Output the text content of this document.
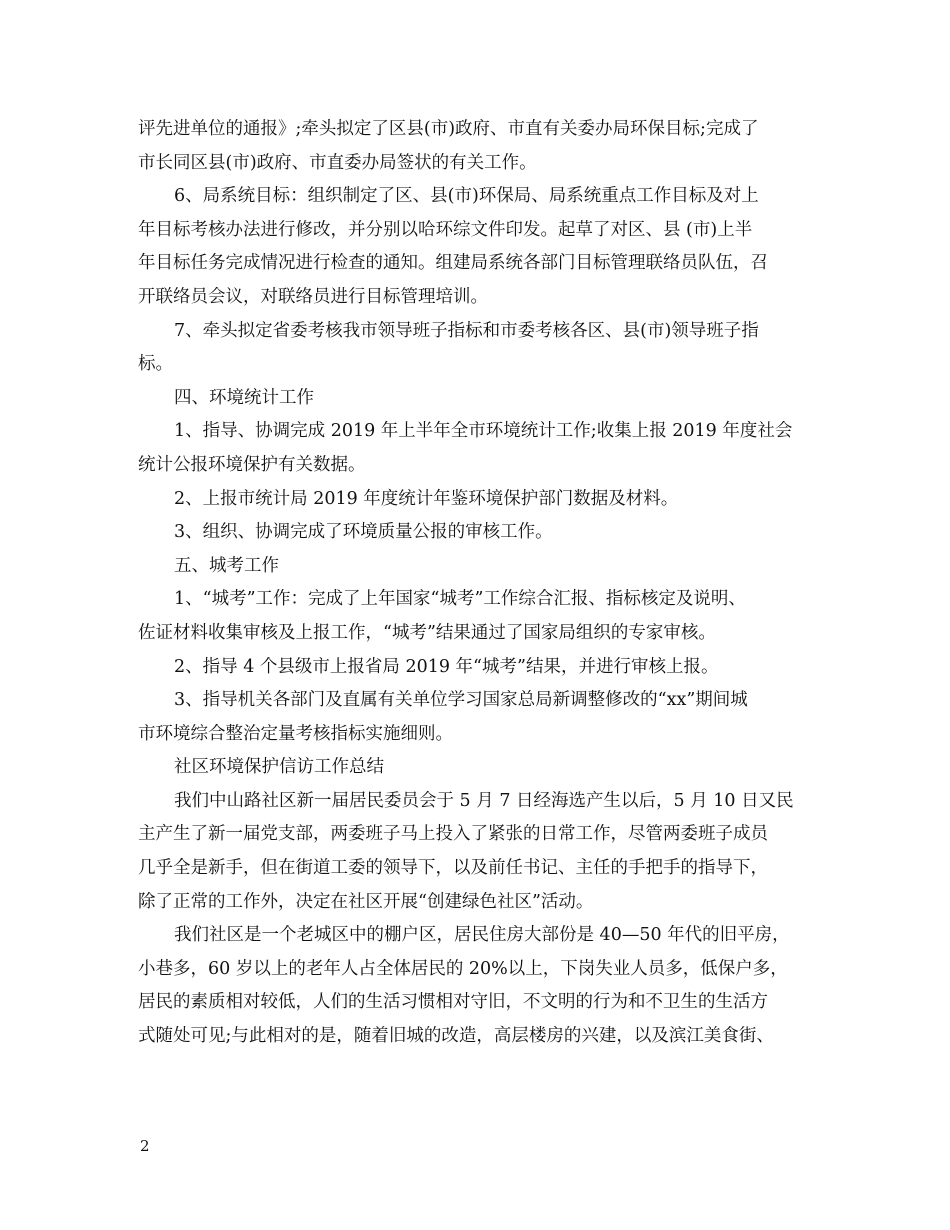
评先进单位的通报》;牵头拟定了区县(市)政府、市直有关委办局环保目标;完成了
市长同区县(市)政府、市直委办局签状的有关工作。
6、局系统目标：组织制定了区、县(市)环保局、局系统重点工作目标及对上
年目标考核办法进行修改，并分别以哈环综文件印发。起草了对区、县 (市)上半
年目标任务完成情况进行检查的通知。组建局系统各部门目标管理联络员队伍，召
开联络员会议，对联络员进行目标管理培训。
7、牵头拟定省委考核我市领导班子指标和市委考核各区、县(市)领导班子指
标。
四、环境统计工作
1、指导、协调完成 2019 年上半年全市环境统计工作;收集上报 2019 年度社会
统计公报环境保护有关数据。
2、上报市统计局 2019 年度统计年鉴环境保护部门数据及材料。
3、组织、协调完成了环境质量公报的审核工作。
五、城考工作
1、“城考”工作：完成了上年国家“城考”工作综合汇报、指标核定及说明、
佐证材料收集审核及上报工作，“城考”结果通过了国家局组织的专家审核。
2、指导 4 个县级市上报省局 2019 年“城考”结果，并进行审核上报。
3、指导机关各部门及直属有关单位学习国家总局新调整修改的“xx”期间城
市环境综合整治定量考核指标实施细则。
社区环境保护信访工作总结
我们中山路社区新一届居民委员会于 5 月 7 日经海选产生以后，5 月 10 日又民
主产生了新一届党支部，两委班子马上投入了紧张的日常工作，尽管两委班子成员
几乎全是新手，但在街道工委的领导下，以及前任书记、主任的手把手的指导下，
除了正常的工作外，决定在社区开展“创建绿色社区”活动。
我们社区是一个老城区中的棚户区，居民住房大部份是 40—50 年代的旧平房，
小巷多，60 岁以上的老年人占全体居民的 20%以上，下岗失业人员多，低保户多，
居民的素质相对较低，人们的生活习惯相对守旧，不文明的行为和不卫生的生活方
式随处可见;与此相对的是，随着旧城的改造，高层楼房的兴建，以及滨江美食街、
2
